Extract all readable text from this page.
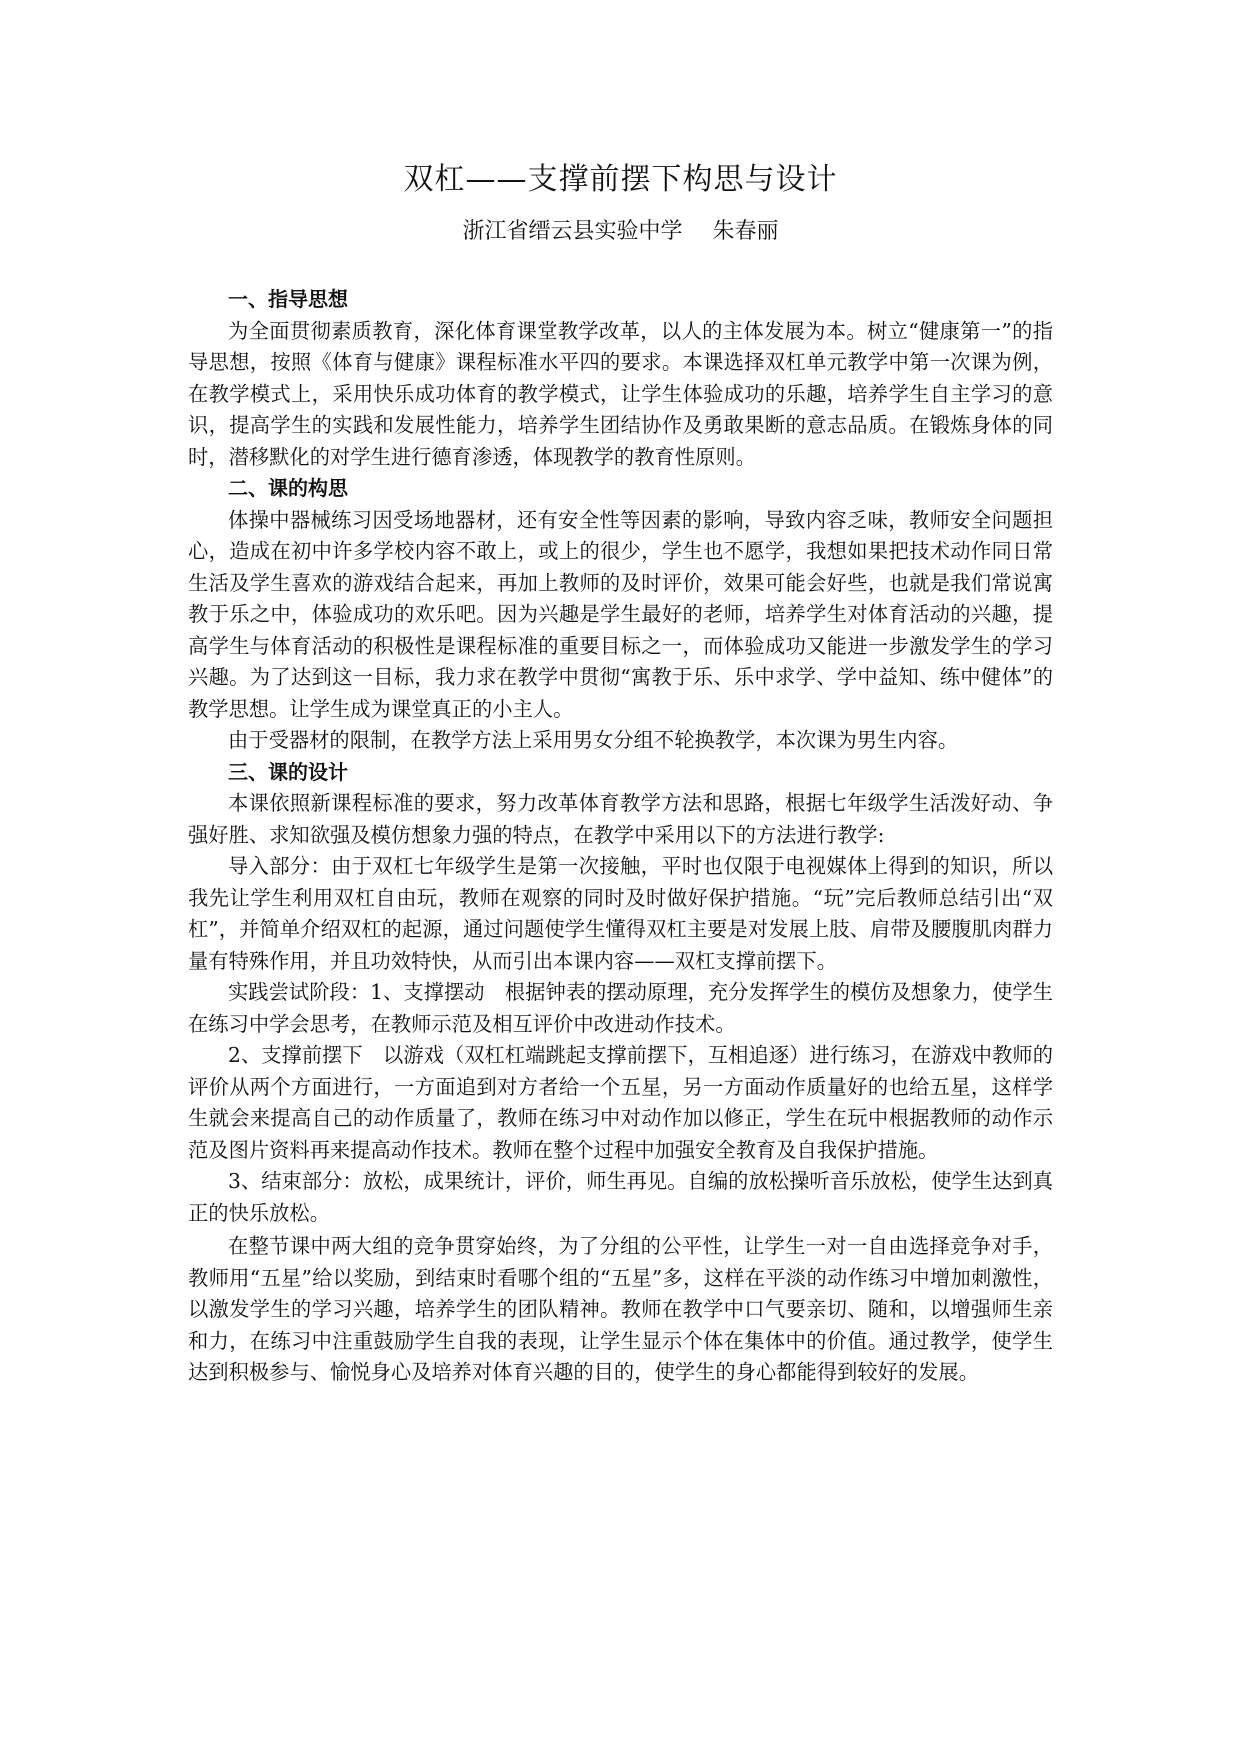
双杠——支撑前摆下构思与设计

浙江省缙云县实验中学 朱春丽

一、指导思想

为全面贯彻素质教育，深化体育课堂教学改革，以人的主体发展为本。树立“健康第一”的指导思想，按照《体育与健康》课程标准水平四的要求。本课选择双杠单元教学中第一次课为例，在教学模式上，采用快乐成功体育的教学模式，让学生体验成功的乐趣，培养学生自主学习的意识，提高学生的实践和发展性能力，培养学生团结协作及勇敢果断的意志品质。在锻炼身体的同时，潜移默化的对学生进行德育渗透，体现教学的教育性原则。

二、课的构思

体操中器械练习因受场地器材，还有安全性等因素的影响，导致内容乏味，教师安全问题担心，造成在初中许多学校内容不敢上，或上的很少，学生也不愿学，我想如果把技术动作同日常生活及学生喜欢的游戏结合起来，再加上教师的及时评价，效果可能会好些，也就是我们常说寓教于乐之中，体验成功的欢乐吧。因为兴趣是学生最好的老师，培养学生对体育活动的兴趣，提高学生与体育活动的积极性是课程标准的重要目标之一，而体验成功又能进一步激发学生的学习兴趣。为了达到这一目标，我力求在教学中贯彻“寓教于乐、乐中求学、学中益知、练中健体”的教学思想。让学生成为课堂真正的小主人。

由于受器材的限制，在教学方法上采用男女分组不轮换教学，本次课为男生内容。

三、课的设计

本课依照新课程标准的要求，努力改革体育教学方法和思路，根据七年级学生活泼好动、争强好胜、求知欲强及模仿想象力强的特点，在教学中采用以下的方法进行教学:

导入部分：由于双杠七年级学生是第一次接触，平时也仅限于电视媒体上得到的知识，所以我先让学生利用双杠自由玩，教师在观察的同时及时做好保护措施。“玩”完后教师总结引出“双杠”，并简单介绍双杠的起源，通过问题使学生懂得双杠主要是对发展上肢、肩带及腰腹肌肉群力量有特殊作用，并且功效特快，从而引出本课内容——双杠支撑前摆下。

实践尝试阶段：1、支撑摆动　根据钟表的摆动原理，充分发挥学生的模仿及想象力，使学生在练习中学会思考，在教师示范及相互评价中改进动作技术。

2、支撑前摆下　以游戏（双杠杠端跳起支撑前摆下，互相追逐）进行练习，在游戏中教师的评价从两个方面进行，一方面追到对方者给一个五星，另一方面动作质量好的也给五星，这样学生就会来提高自己的动作质量了，教师在练习中对动作加以修正，学生在玩中根据教师的动作示范及图片资料再来提高动作技术。教师在整个过程中加强安全教育及自我保护措施。

3、结束部分：放松，成果统计，评价，师生再见。自编的放松操听音乐放松，使学生达到真正的快乐放松。

在整节课中两大组的竞争贯穿始终，为了分组的公平性，让学生一对一自由选择竞争对手，教师用“五星”给以奖励，到结束时看哪个组的“五星”多，这样在平淡的动作练习中增加刺激性，以激发学生的学习兴趣，培养学生的团队精神。教师在教学中口气要亲切、随和，以增强师生亲和力，在练习中注重鼓励学生自我的表现，让学生显示个体在集体中的价值。通过教学，使学生达到积极参与、愉悦身心及培养对体育兴趣的目的，使学生的身心都能得到较好的发展。
